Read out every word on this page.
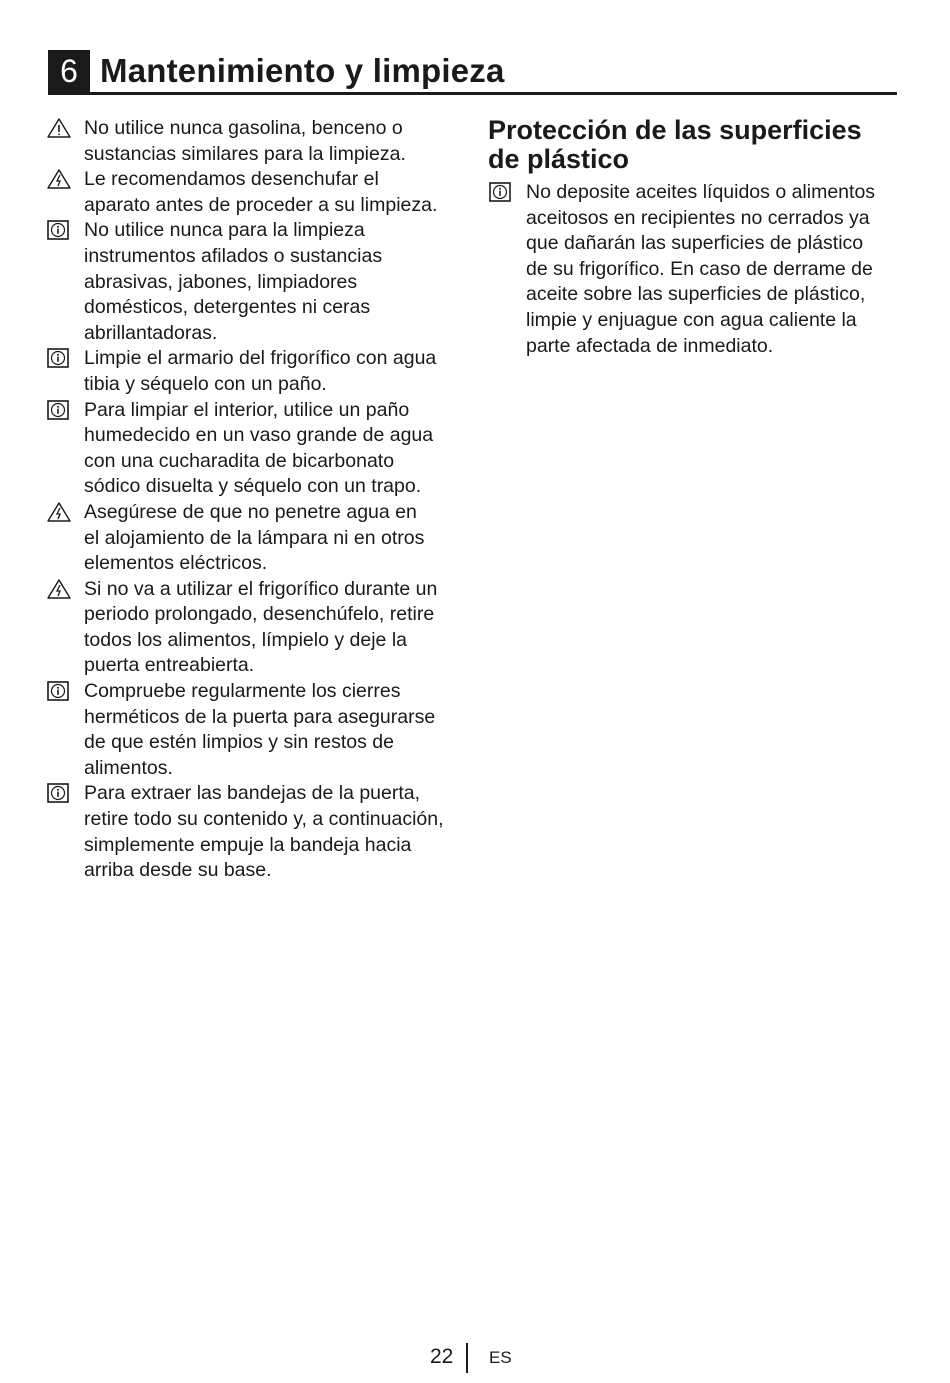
6 Mantenimiento y limpieza
No utilice nunca gasolina, benceno o
sustancias similares para la limpieza.
Le recomendamos desenchufar el
aparato antes de proceder a su limpieza.
No utilice nunca para la limpieza
instrumentos afilados o sustancias
abrasivas, jabones, limpiadores
domésticos, detergentes ni ceras
abrillantadoras.
Limpie el armario del frigorífico con agua
tibia y séquelo con un paño.
Para limpiar el interior, utilice un paño
humedecido en un vaso grande de agua
con una cucharadita de bicarbonato
sódico disuelta y séquelo con un trapo.
Asegúrese de que no penetre agua en
el alojamiento de la lámpara ni en otros
elementos eléctricos.
Si no va a utilizar el frigorífico durante un
periodo prolongado, desenchúfelo, retire
todos los alimentos, límpielo y deje la
puerta entreabierta.
Compruebe regularmente los cierres
herméticos de la puerta para asegurarse
de que estén limpios y sin restos de
alimentos.
Para extraer las bandejas de la puerta,
retire todo su contenido y, a continuación,
simplemente empuje la bandeja hacia
arriba desde su base.
Protección de las superficies
de plástico
No deposite aceites líquidos o alimentos
aceitosos en recipientes no cerrados ya
que dañarán las superficies de plástico
de su frigorífico. En caso de derrame de
aceite sobre las superficies de plástico,
limpie y enjuague con agua caliente la
parte afectada de inmediato.
22 ES
